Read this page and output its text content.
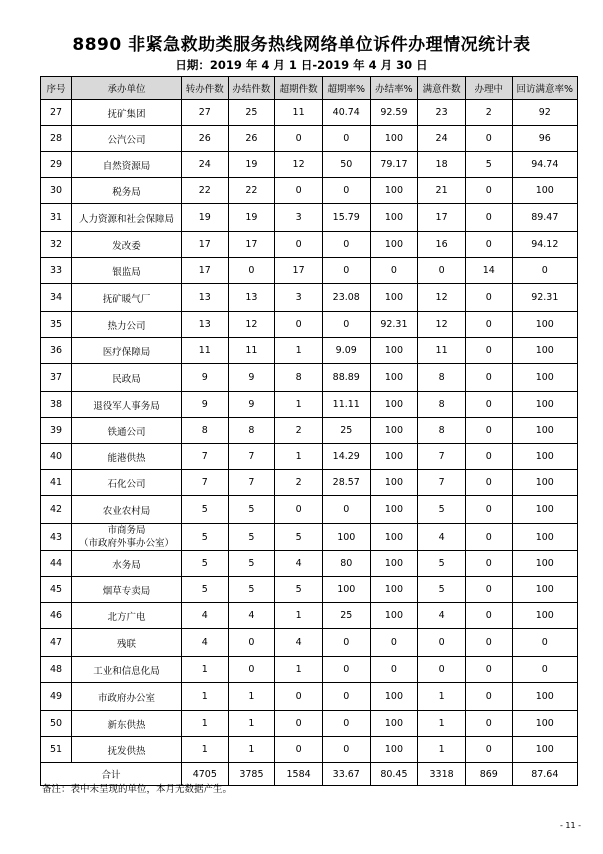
8890 非紧急救助类服务热线网络单位诉件办理情况统计表
日期：2019 年 4 月 1 日-2019 年 4 月 30 日
序号	承办单位	转办件数	办结件数	超期件数	超期率%	办结率%	满意件数	办理中	回访满意率%
27	抚矿集团	27	25	11	40.74	92.59	23	2	92
28	公汽公司	26	26	0	0	100	24	0	96
29	自然资源局	24	19	12	50	79.17	18	5	94.74
30	税务局	22	22	0	0	100	21	0	100
31	人力资源和社会保障局	19	19	3	15.79	100	17	0	89.47
32	发改委	17	17	0	0	100	16	0	94.12
33	银监局	17	0	17	0	0	0	14	0
34	抚矿暖气厂	13	13	3	23.08	100	12	0	92.31
35	热力公司	13	12	0	0	92.31	12	0	100
36	医疗保障局	11	11	1	9.09	100	11	0	100
37	民政局	9	9	8	88.89	100	8	0	100
38	退役军人事务局	9	9	1	11.11	100	8	0	100
39	铁通公司	8	8	2	25	100	8	0	100
40	能港供热	7	7	1	14.29	100	7	0	100
41	石化公司	7	7	2	28.57	100	7	0	100
42	农业农村局	5	5	0	0	100	5	0	100
43	市商务局
（市政府外事办公室）	5	5	5	100	100	4	0	100
44	水务局	5	5	4	80	100	5	0	100
45	烟草专卖局	5	5	5	100	100	5	0	100
46	北方广电	4	4	1	25	100	4	0	100
47	残联	4	0	4	0	0	0	0	0
48	工业和信息化局	1	0	1	0	0	0	0	0
49	市政府办公室	1	1	0	0	100	1	0	100
50	新东供热	1	1	0	0	100	1	0	100
51	抚发供热	1	1	0	0	100	1	0	100
合计		4705	3785	1584	33.67	80.45	3318	869	87.64
备注：表中未呈现的单位，本月无数据产生。
- 11 -
